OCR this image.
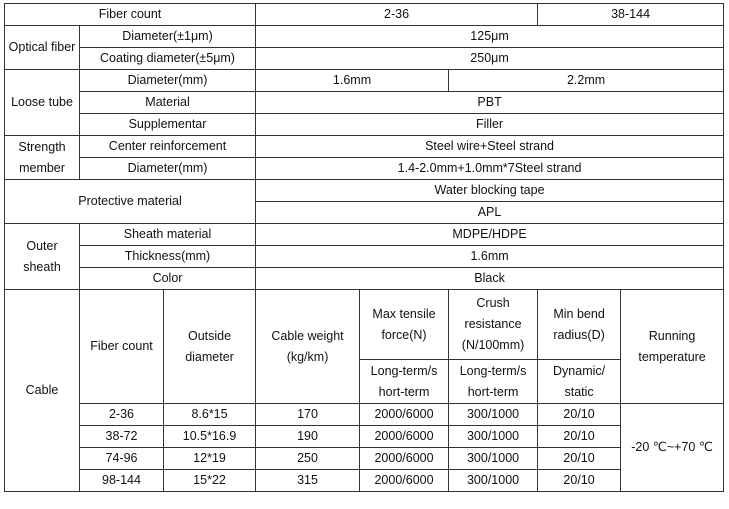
Fiber count			2-36			38-144	
Optical fiber	Diameter(±1μm)		125μm				
	Coating diameter(±5μm)		250μm				
Loose tube	Diameter(mm)		1.6mm		2.2mm		
	Material		PBT				
	Supplementar		Filler				
Strength member	Center reinforcement		Steel wire+Steel strand				
	Diameter(mm)		1.4-2.0mm+1.0mm*7Steel strand				
Protective material			Water blocking tape				
			APL				
Outer sheath	Sheath material		MDPE/HDPE				
	Thickness(mm)		1.6mm				
	Color		Black				
Cable	Fiber count	Outside diameter	Cable weight (kg/km)	Max tensile force(N)	Crush resistance (N/100mm)	Min bend radius(D)	Running temperature
				Long-term/s hort-term	Long-term/s hort-term	Dynamic/ static	
	2-36	8.6*15	170	2000/6000	300/1000	20/10	-20 ℃~+70 ℃
	38-72	10.5*16.9	190	2000/6000	300/1000	20/10	
	74-96	12*19	250	2000/6000	300/1000	20/10	
	98-144	15*22	315	2000/6000	300/1000	20/10	
